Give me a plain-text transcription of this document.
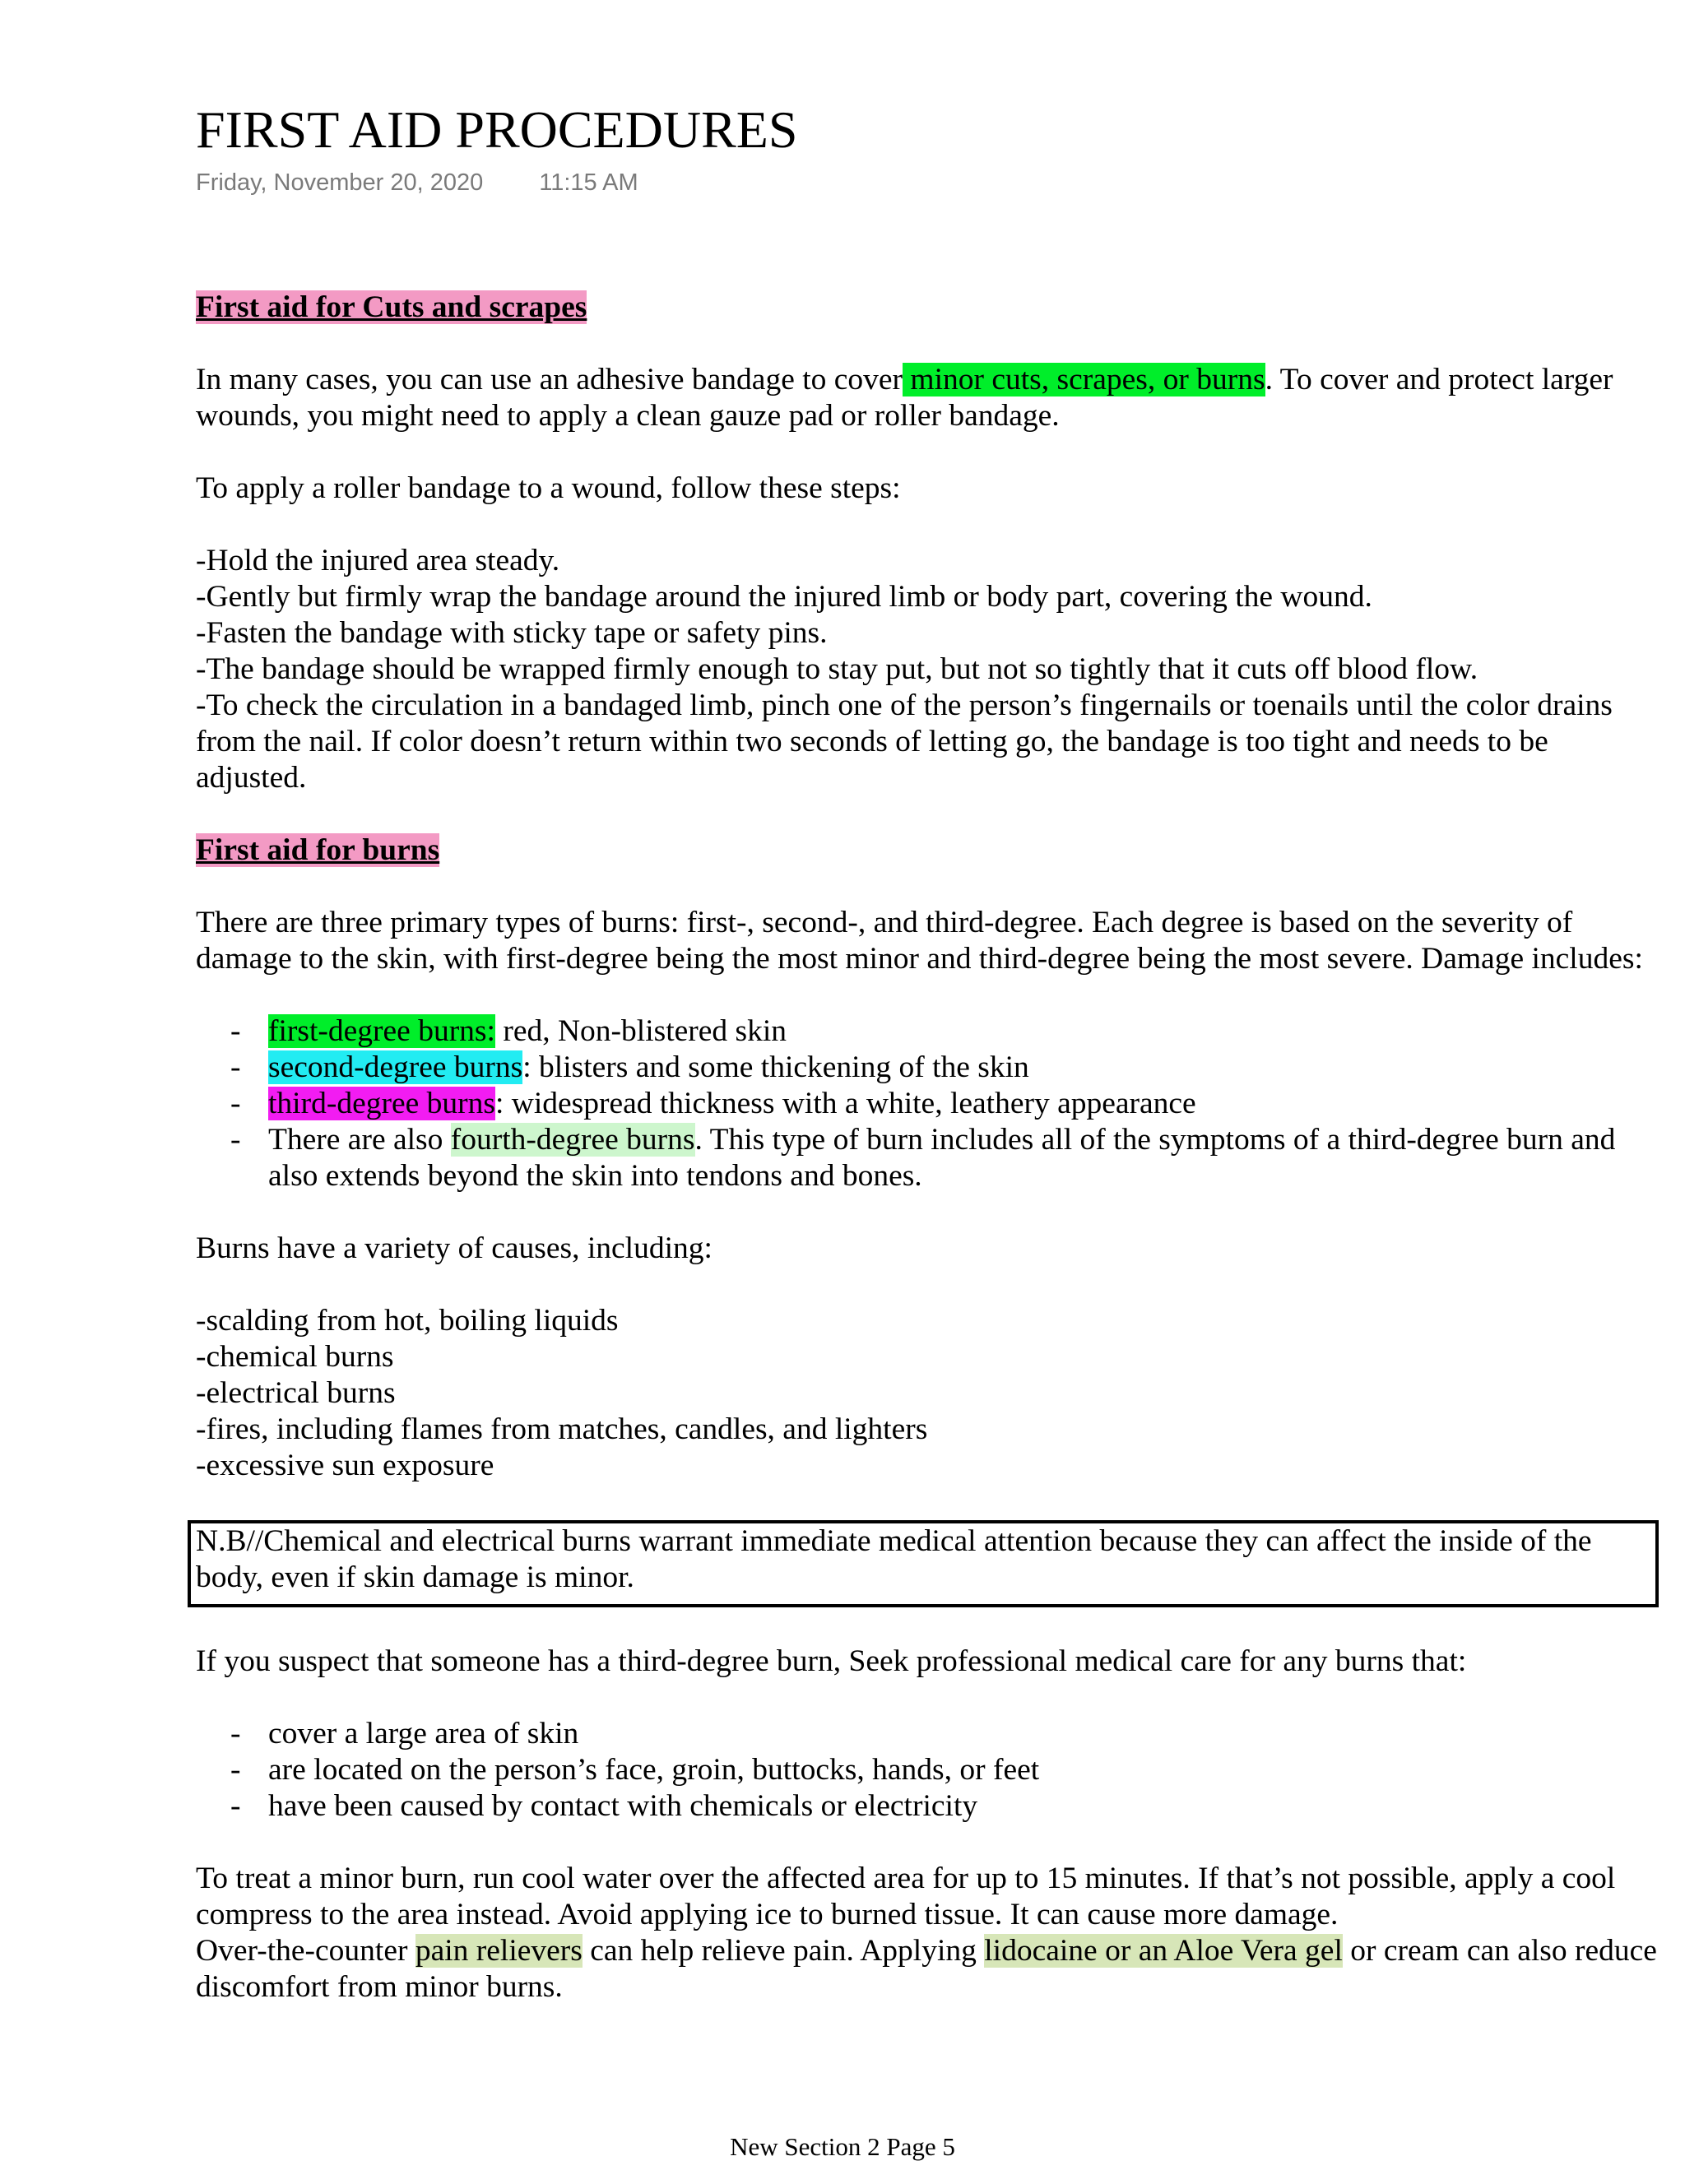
FIRST AID PROCEDURES
Friday, November 20, 2020 11:15 AM

First aid for Cuts and scrapes

In many cases, you can use an adhesive bandage to cover minor cuts, scrapes, or burns. To cover and protect larger wounds, you might need to apply a clean gauze pad or roller bandage.

To apply a roller bandage to a wound, follow these steps:

-Hold the injured area steady.

-Gently but firmly wrap the bandage around the injured limb or body part, covering the wound.

-Fasten the bandage with sticky tape or safety pins.

-The bandage should be wrapped firmly enough to stay put, but not so tightly that it cuts off blood flow.

-To check the circulation in a bandaged limb, pinch one of the person’s fingernails or toenails until the color drains from the nail. If color doesn’t return within two seconds of letting go, the bandage is too tight and needs to be adjusted.

First aid for burns

There are three primary types of burns: first-, second-, and third-degree. Each degree is based on the severity of damage to the skin, with first-degree being the most minor and third-degree being the most severe. Damage includes:

- first-degree burns: red, Non-blistered skin
- second-degree burns: blisters and some thickening of the skin
- third-degree burns: widespread thickness with a white, leathery appearance
- There are also fourth-degree burns. This type of burn includes all of the symptoms of a third-degree burn and also extends beyond the skin into tendons and bones.

Burns have a variety of causes, including:

-scalding from hot, boiling liquids

-chemical burns

-electrical burns

-fires, including flames from matches, candles, and lighters

-excessive sun exposure

N.B//Chemical and electrical burns warrant immediate medical attention because they can affect the inside of the body, even if skin damage is minor.

If you suspect that someone has a third-degree burn, Seek professional medical care for any burns that:

- cover a large area of skin
- are located on the person’s face, groin, buttocks, hands, or feet
- have been caused by contact with chemicals or electricity

To treat a minor burn, run cool water over the affected area for up to 15 minutes. If that’s not possible, apply a cool compress to the area instead. Avoid applying ice to burned tissue. It can cause more damage.
Over-the-counter pain relievers can help relieve pain. Applying lidocaine or an Aloe Vera gel or cream can also reduce discomfort from minor burns.

New Section 2 Page 5
